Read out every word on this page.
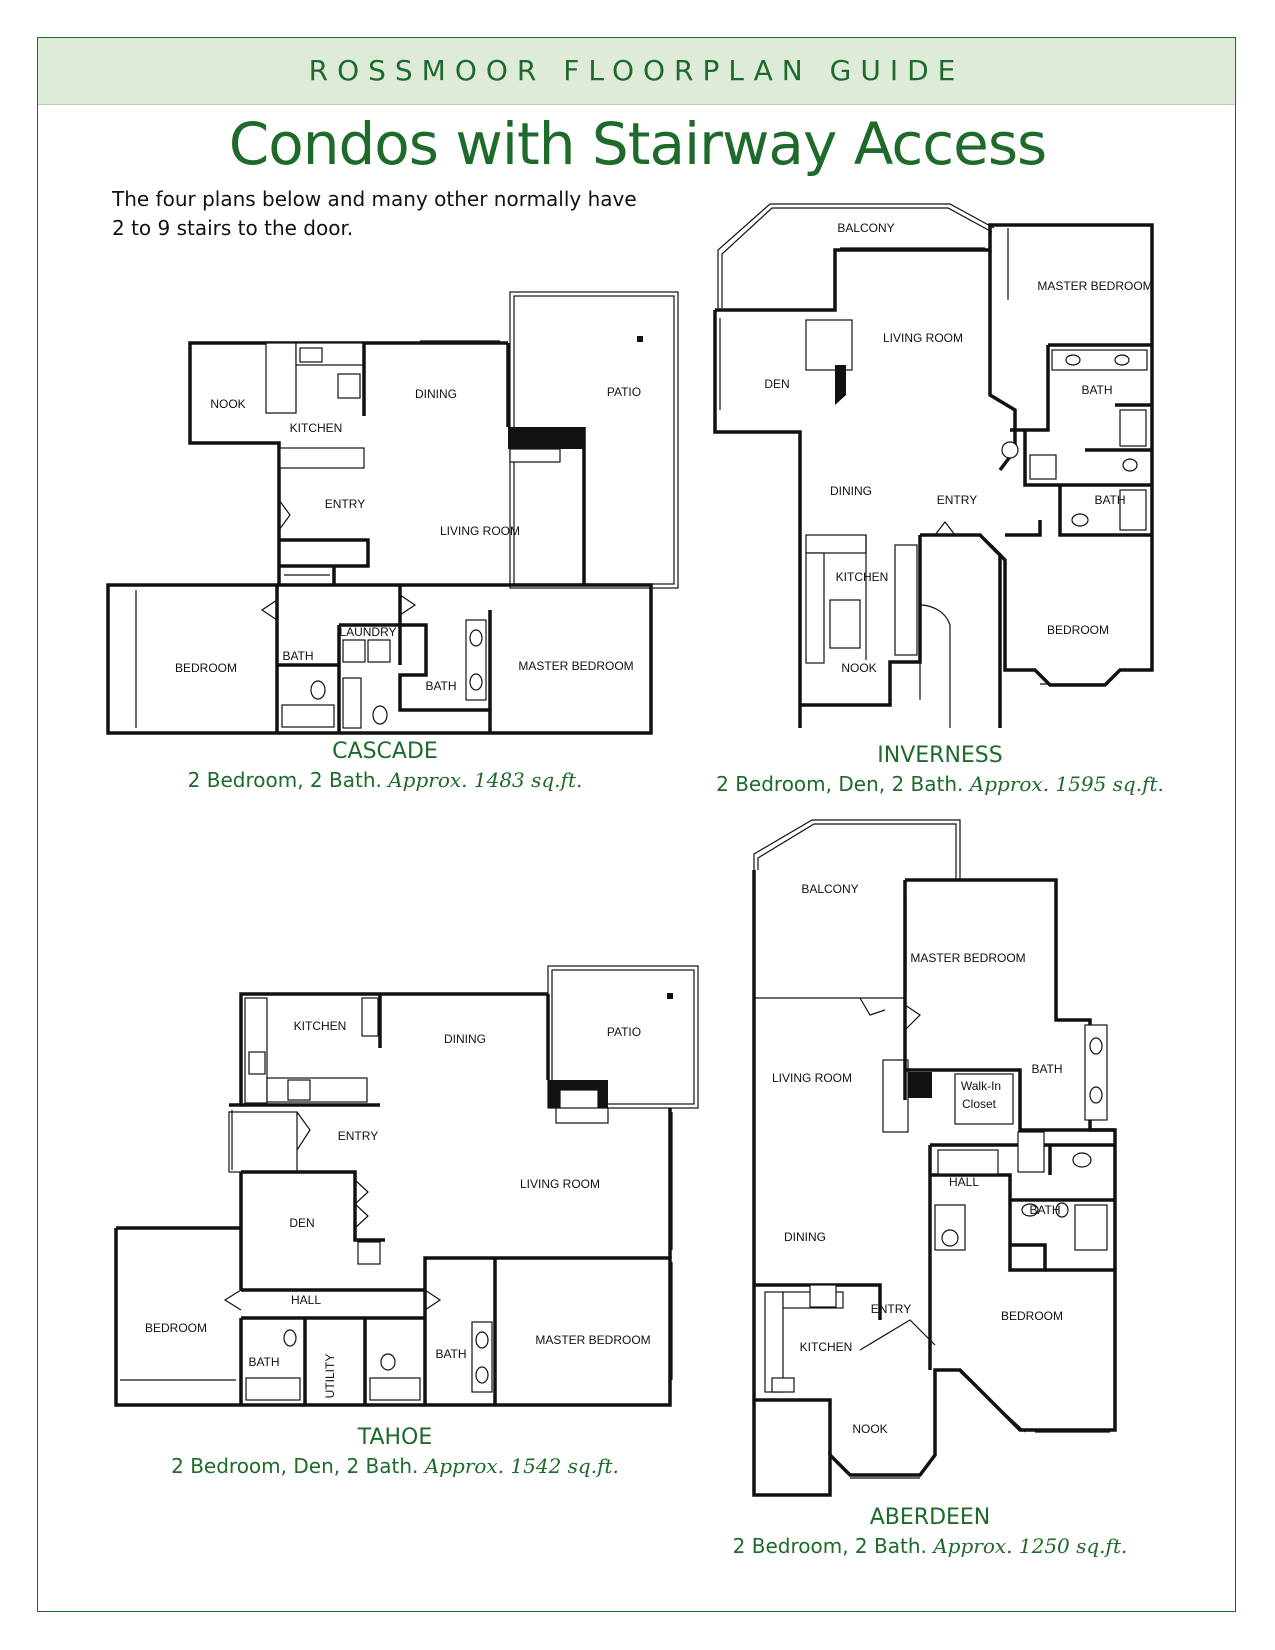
ROSSMOOR FLOORPLAN GUIDE
Condos with Stairway Access
The four plans below and many other normally have
2 to 9 stairs to the door.
NOOK
KITCHEN
DINING	PATIO
ENTRY
LIVING ROOM
BEDROOM
BATH
LAUNDRY
BATH
MASTER BEDROOM
BALCONY
MASTER BEDROOM
LIVING ROOM
DEN	BATH
DINING
ENTRY	BATH
KITCHEN
BEDROOM
NOOK
KITCHEN
DINING	PATIO
ENTRY
LIVING ROOM
DEN
HALL
BEDROOM
BATH	UTILITY	BATH
MASTER BEDROOM
BALCONY
MASTER BEDROOM
LIVING ROOM
Walk-In
Closet
BATH
HALL
BATH
DINING
ENTRY	BEDROOM
KITCHEN
NOOK
CASCADE
2 Bedroom, 2 Bath. Approx. 1483 sq.ft.
INVERNESS
2 Bedroom, Den, 2 Bath. Approx. 1595 sq.ft.
TAHOE
2 Bedroom, Den, 2 Bath. Approx. 1542 sq.ft.
ABERDEEN
2 Bedroom, 2 Bath. Approx. 1250 sq.ft.
